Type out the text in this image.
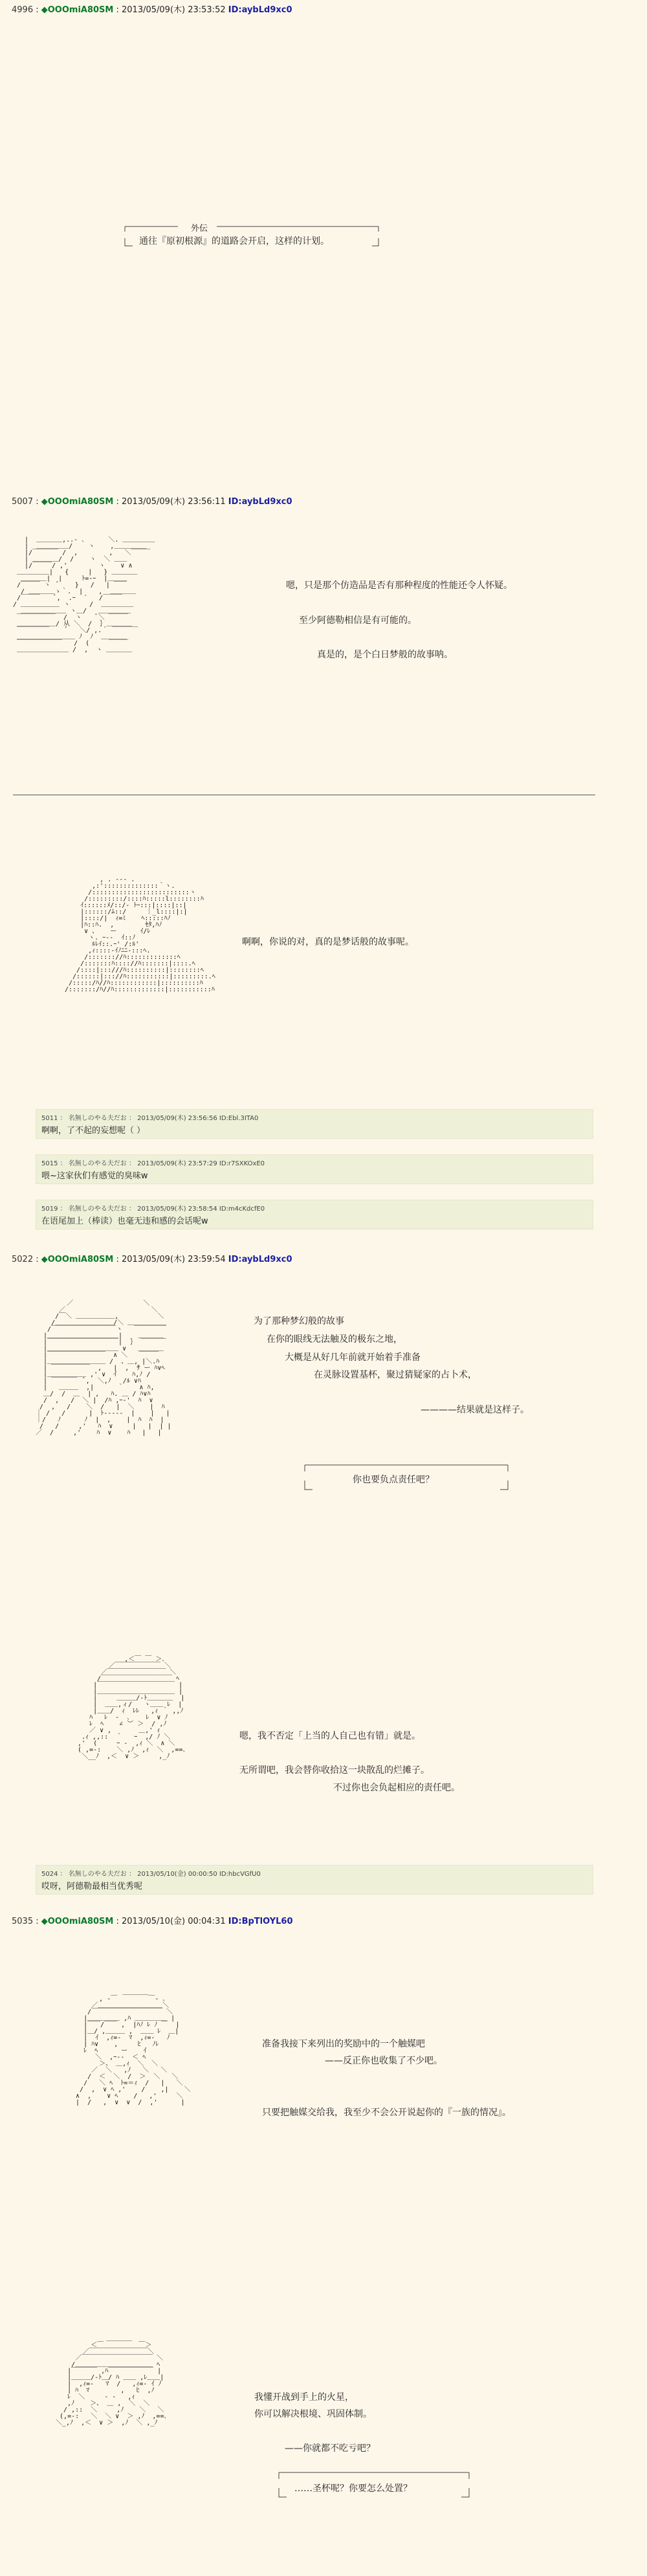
4996 : ◆OOOmiA80SM : 2013/05/09(木) 23:53:52 ID:aybLd9xc0
外伝
通往『原初根源』的道路会开启，这样的计划。
5007 : ◆OOOmiA80SM : 2013/05/09(木) 23:56:11 ID:aybLd9xc0
|  ＿＿＿＿,..- ､      ＼. ＿＿＿＿＿
|  ＿＿＿＿＿/    ヽ    ,＿＿＿＿＿
|/￣￣￣￣ /  ,        ,   ＼￣￣￣
| ＿＿＿＿/  /    ヽ  ＼ ＿＿
|/￣￣￣/ ,'        ヽ    ∨ ∧
＿＿＿＿＿|   {     |   } ＿＿＿＿
＿＿＿＿|  |     ﾄ=-ｰ  |＿＿＿
/￣￣￣ ヽ  ﾞ    }   /   | ￣￣
/ ＿＿＿＿ゝ｀.  |    ,  ＿＿＿＿
/￣￣￣    ﾞ,  .ｰ  ´   /￣￣￣
/ ＿＿＿＿＿＿ ヽ     /  ＿＿＿＿＿
＿＿＿＿＿＿＿ ヽ＿/   ＿＿＿＿＿
￣￣￣￣￣￣  /  ヽ    ﾞ＼ ￣￣￣
＿＿＿＿＿＿/ 从 ＼  /  ｝＿＿＿＿
￣￣￣￣￣    ﾞ   ＼/ ,.｀ ￣￣￣￣
＿＿＿＿＿＿＿＿＿ ﾉ  ﾉ  ＿＿＿＿
￣￣￣￣￣￣￣   /  (     ￣￣￣
＿＿＿＿＿＿＿＿ /  ,  ヽ ＿＿＿＿
嗯，只是那个仿造品是否有那种程度的性能还令人怀疑。
至少阿德勒相信是有可能的。
真是的，是个白日梦般的故事呐。
, . -‐- .
,:'::::::::::::::｀ヽ.
/:::::::::::::::::::::::::ヽ
/:::::::::/::::ﾊ:::::l::::::::ﾊ
ｲ::::::ﾒ/::/‐ ﾄｰ:::|::::|::|
|::::::/ﾑ::/     ｜_l::::|:|
|::::/|  ｨ=ﾐ    ﾍ:::::ﾊﾉ
|ﾊ::ﾊ.  ,        ｾﾀ,ﾊﾉ
∨ 、   ー      ｲ/ﾚ
ヽ. ｰ--  ｲ::ﾉ
ﾙﾚｲ::.ｰ' /:ﾙ'
,ｨ::::-ｲﾉﾆﾆ-:::ﾍ.
/::::::://ﾊ:::::::::::::ﾍ
/:::::::ﾊ:::://ﾊ:::::::|::::.ﾍ
/::::|:::///ﾊ::::::::::|::::::::ﾍ
/::::::|::://ﾊ:::::::::::|:::::::::.ﾍ
/:::::/ﾊ//ﾊ::::::::::::|::::::::::ﾊ
/:::::::/ﾊ//ﾊ:::::::::::::|:::::::::::ﾊ
啊啊，你说的对，真的是梦话般的故事呢。
5011 ： 名無しのやる夫だお ： 2013/05/09(木) 23:56:56 ID:Ebl.3ITA0
啊啊，了不起的妄想呢（ ）
5015 ： 名無しのやる夫だお ： 2013/05/09(木) 23:57:29 ID:r7SXKOxE0
喂~这家伙们有感觉的臭味w
5019 ： 名無しのやる夫だお ： 2013/05/09(木) 23:58:54 ID:m4cKdcfE0
在语尾加上（棒读）也毫无违和感的会话呢w
5022 : ◆OOOmiA80SM : 2013/05/09(木) 23:59:54 ID:aybLd9xc0
／                  ＼
／                      ＼
/￣＼ ＿＿＿＿＿＿,          ＼
/＿＿＿＿＿＿＿＿＿/＼ ＿＿＿＿＿＿
/￣￣￣￣￣￣￣￣￣￣ヽ   ￣￣￣￣￣
|＿＿＿＿＿＿＿＿＿＿＿|    ＿＿＿＿
|￣￣￣￣￣￣￣￣￣￣￣|  ｝ ￣￣￣￣
|＿＿＿＿＿＿＿＿＿＿＿ ∨   ＿＿＿＿
|￣￣￣￣￣￣￣￣￣  ∧ ＼   ￣￣￣
|＿＿＿＿＿＿＿＿＿ /  、＿, |＼.ﾊ
| ￣￣￣￣￣￣  ,   |  ,  ｻ ー ﾊ∨ﾍ
|＿＿＿＿＿＿ ,' ∨  ｲ    ﾊ,ﾉ /
| ￣￣￣￣  ﾞ,  ＼,ﾉ   /ﾙ ∨ﾊ
|   ＿＿＿  ,|      ｀    ∧ ﾊ,
＿/  /  ＿  | ,   ﾊ. ＿ / ﾊ∨ﾊ
/  ,   /  ＼ |  /ﾊ ,ｰ-'  ﾊ  ∨
/  ,   /    ＼  /   |  ＼    |  ﾊ
｜ /   /      |  ﾄ-----  |    |   |
｜/   ﾉ      ﾉ  |  ,    |  ﾊ  ﾊ  |
/   /     ,'   ﾊ  ∨     |   |  | |
／  /     ,'    ﾊ  ∨    ﾊ   |   |
为了那种梦幻般的故事
在你的眼线无法触及的极东之地，
大概是从好几年前就开始着手准备
在灵脉设置基杯，聚过猜疑家的占卜术，
————结果就是这样子。
你也要负点责任吧？
,＜￣ ￣ ＞､
／￣￣￣￣￣￣￣ ＼
／￣￣￣￣￣￣￣￣￣ ＼
/￣￣￣￣￣￣￣￣￣￣￣ ﾍ
|￣￣￣￣￣￣￣￣￣￣￣￣ |
|＿＿＿＿＿＿＿＿＿＿＿＿ |
|     ＿＿＿/‐ﾄ＿＿＿＿  |
|  ＿＿,ィ/   ヽ＿＿ ﾚ  |
|＿＿/  ｨ  ﾚﾚ   ,ｨ ｀ ,,ﾉ
ﾊ   ﾚ  ‐  ､    ﾚ  ∨ ﾉ
ﾚ  ﾍ    ∠ ︶ ＞  / ,ﾉ
／ ∨ ,       ＿,' ｨ
.ｨ ,,::  ｀   ｰ  ,/ ﾉ ＼
,'  (     ｰ ‐  ,ｨ ＼  ∧ ＼
( ,=-:    ＼ ,ﾉ  ,ｨ  ＼  ,==､
＼__ﾉ  ,＜  ∨ ＞     ,_ﾉ
嗯，我不否定「上当的人自己也有错」就是。
无所谓吧，我会替你收拾这一块散乱的烂摊子。
不过你也会负起相应的责任吧。
5024 ： 名無しのやる夫だお ： 2013/05/10(金) 00:00:50 ID:hbcVGfU0
哎呀，阿德勒最相当优秀呢
5035 : ◆OOOmiA80SM : 2013/05/10(金) 00:04:31 ID:BpTlOYL60
＿＿＿＿
, ‐￣        ￣‐ ､
／＿＿＿＿＿＿＿＿＿＿＼
/￣￣￣￣￣￣￣￣￣￣￣ ＼
|＿＿＿＿＿ ,ﾊ ＿＿＿＿＿ |
|￣￣/￣￣ ,  |ﾊﾉ ﾚ ﾉ ￣  |
|＿/ ,＿＿＿ ,  ＿＿ ﾚ  ＿|
|  ｲ  ,ｨ=-  ﾏ  ,ｨ=-   ﾉ
| ﾊ∨    ,     ﾋ   ﾉﾚ
ﾚ  ﾍ      ー    ｲ
＼  ,ｰ--  ＜ ﾍ
＞、 ＿,ｨ  ＼  ＼
／  ＼   ,ﾉ   ＼   ＼
/  ＜  ＼  /  ＞  ＼   ＼
/   ＼ ﾍ  ﾄ=＝ｨ  /   |   ＼
/  ,  ∨ ﾍ ,'    /    ,|    ＼
∧  ,    ∨ ﾍ    /   ,'     ＼
|  /   ,  ∨  ∨  /  ,'      |
准备我接下来列出的奖励中的一个触媒吧
——反正你也收集了不少吧。
只要把触媒交给我，我至少不会公开说起你的『一族的情况』。
＿＿＿＿
＜￣         ￣＞
／￣￣￣￣￣￣￣￣￣＼
／￣￣￣￣￣￣￣￣￣￣￣ ＼
/＿＿＿＿＿＿＿＿＿＿＿＿ ﾍ
|￣￣￣￣ ,ﾊ￣￣￣￣￣￣￣ |
|＿＿＿/‐ﾄ＿/ ﾊ ＿＿ ,ﾚ＿＿|
|  ,ｨ=-   ﾏ  /   ,ｨ=- ｲ ﾉ
| ﾊ  ﾏ        ,   ﾋ  ,ﾉ
ﾚ  ＼     ‐ ‐   ,ｨ
,ﾉ    ＞、 ＿ ,  ＼  ＼
/ ,::  ＼     ,ﾉ    ＼   ＼
(,=-:   ＼  ＼ ∨  ＞ ,ﾉ  ,==､
＼_,ﾉ  ,＜  ∨ ＞  ,ﾉ  ＼ ,_ﾉ
我懂开战到手上的火星，
你可以解决根境、巩固体制。
——你就都不吃亏吧？
……圣杯呢？你要怎么处置？
